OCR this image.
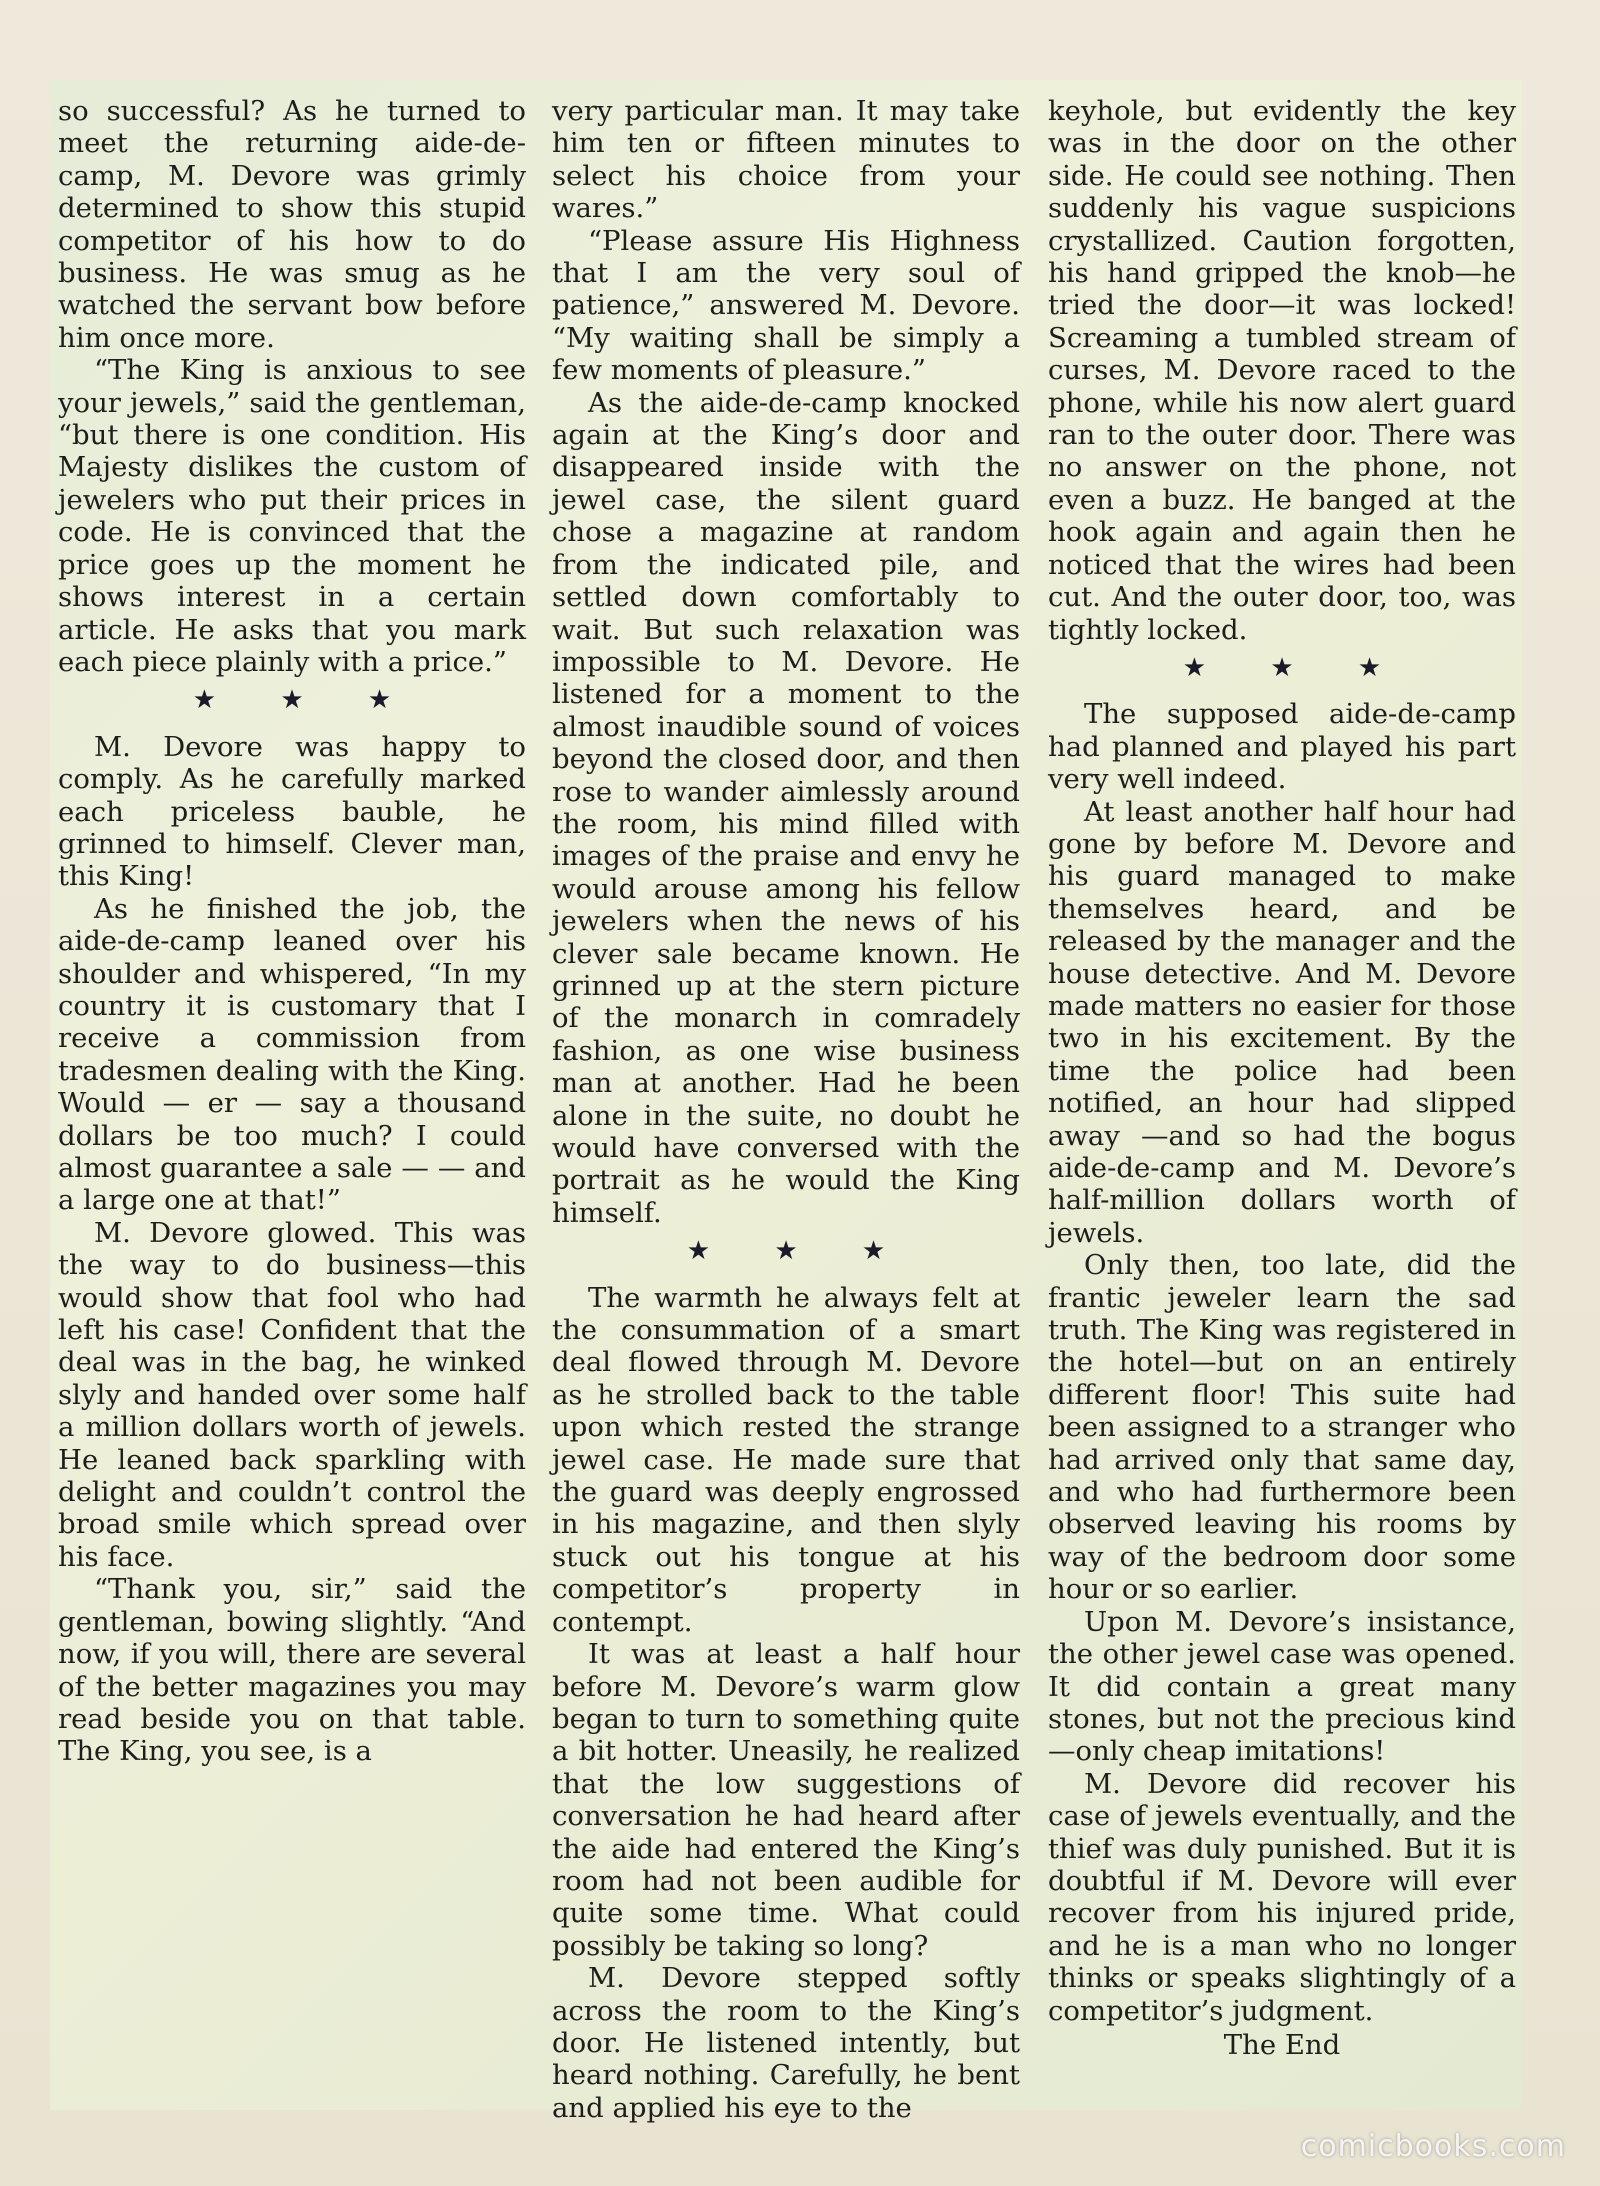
so successful? As he turned to meet the returning aide-de-camp, M. Devore was grimly determined to show this stupid competitor of his how to do business. He was smug as he watched the servant bow before him once more.

“The King is anxious to see your jewels,” said the gentleman, “but there is one condition. His Majesty dislikes the custom of jewelers who put their prices in code. He is convinced that the price goes up the moment he shows interest in a certain article. He asks that you mark each piece plainly with a price.”

★ ★ ★

M. Devore was happy to comply. As he carefully marked each priceless bauble, he grinned to himself. Clever man, this King!

As he finished the job, the aide-de-camp leaned over his shoulder and whispered, “In my country it is customary that I receive a commission from tradesmen dealing with the King. Would — er — say a thousand dollars be too much? I could almost guarantee a sale — — and a large one at that!”

M. Devore glowed. This was the way to do business—this would show that fool who had left his case! Confident that the deal was in the bag, he winked slyly and handed over some half a million dollars worth of jewels. He leaned back sparkling with delight and couldn’t control the broad smile which spread over his face.

“Thank you, sir,” said the gentleman, bowing slightly. “And now, if you will, there are several of the better magazines you may read beside you on that table. The King, you see, is a

very particular man. It may take him ten or fifteen minutes to select his choice from your wares.”

“Please assure His Highness that I am the very soul of patience,” answered M. Devore. “My waiting shall be simply a few moments of pleasure.”

As the aide-de-camp knocked again at the King’s door and disappeared inside with the jewel case, the silent guard chose a magazine at random from the indicated pile, and settled down comfortably to wait. But such relaxation was impossible to M. Devore. He listened for a moment to the almost inaudible sound of voices beyond the closed door, and then rose to wander aimlessly around the room, his mind filled with images of the praise and envy he would arouse among his fellow jewelers when the news of his clever sale became known. He grinned up at the stern picture of the monarch in comradely fashion, as one wise business man at another. Had he been alone in the suite, no doubt he would have conversed with the portrait as he would the King himself.

★ ★ ★

The warmth he always felt at the consummation of a smart deal flowed through M. Devore as he strolled back to the table upon which rested the strange jewel case. He made sure that the guard was deeply engrossed in his magazine, and then slyly stuck out his tongue at his competitor’s property in contempt.

It was at least a half hour before M. Devore’s warm glow began to turn to something quite a bit hotter. Uneasily, he realized that the low suggestions of conversation he had heard after the aide had entered the King’s room had not been audible for quite some time. What could possibly be taking so long?

M. Devore stepped softly across the room to the King’s door. He listened intently, but heard nothing. Carefully, he bent and applied his eye to the

keyhole, but evidently the key was in the door on the other side. He could see nothing. Then suddenly his vague suspicions crystallized. Caution forgotten, his hand gripped the knob—he tried the door—it was locked! Screaming a tumbled stream of curses, M. Devore raced to the phone, while his now alert guard ran to the outer door. There was no answer on the phone, not even a buzz. He banged at the hook again and again then he noticed that the wires had been cut. And the outer door, too, was tightly locked.

★ ★ ★

The supposed aide-de-camp had planned and played his part very well indeed.

At least another half hour had gone by before M. Devore and his guard managed to make themselves heard, and be released by the manager and the house detective. And M. Devore made matters no easier for those two in his excitement. By the time the police had been notified, an hour had slipped away —and so had the bogus aide-de-camp and M. Devore’s half-million dollars worth of jewels.

Only then, too late, did the frantic jeweler learn the sad truth. The King was registered in the hotel—but on an entirely different floor! This suite had been assigned to a stranger who had arrived only that same day, and who had furthermore been observed leaving his rooms by way of the bedroom door some hour or so earlier.

Upon M. Devore’s insistance, the other jewel case was opened. It did contain a great many stones, but not the precious kind —only cheap imitations!

M. Devore did recover his case of jewels eventually, and the thief was duly punished. But it is doubtful if M. Devore will ever recover from his injured pride, and he is a man who no longer thinks or speaks slightingly of a competitor’s judgment.

The End
comicbooks.com
